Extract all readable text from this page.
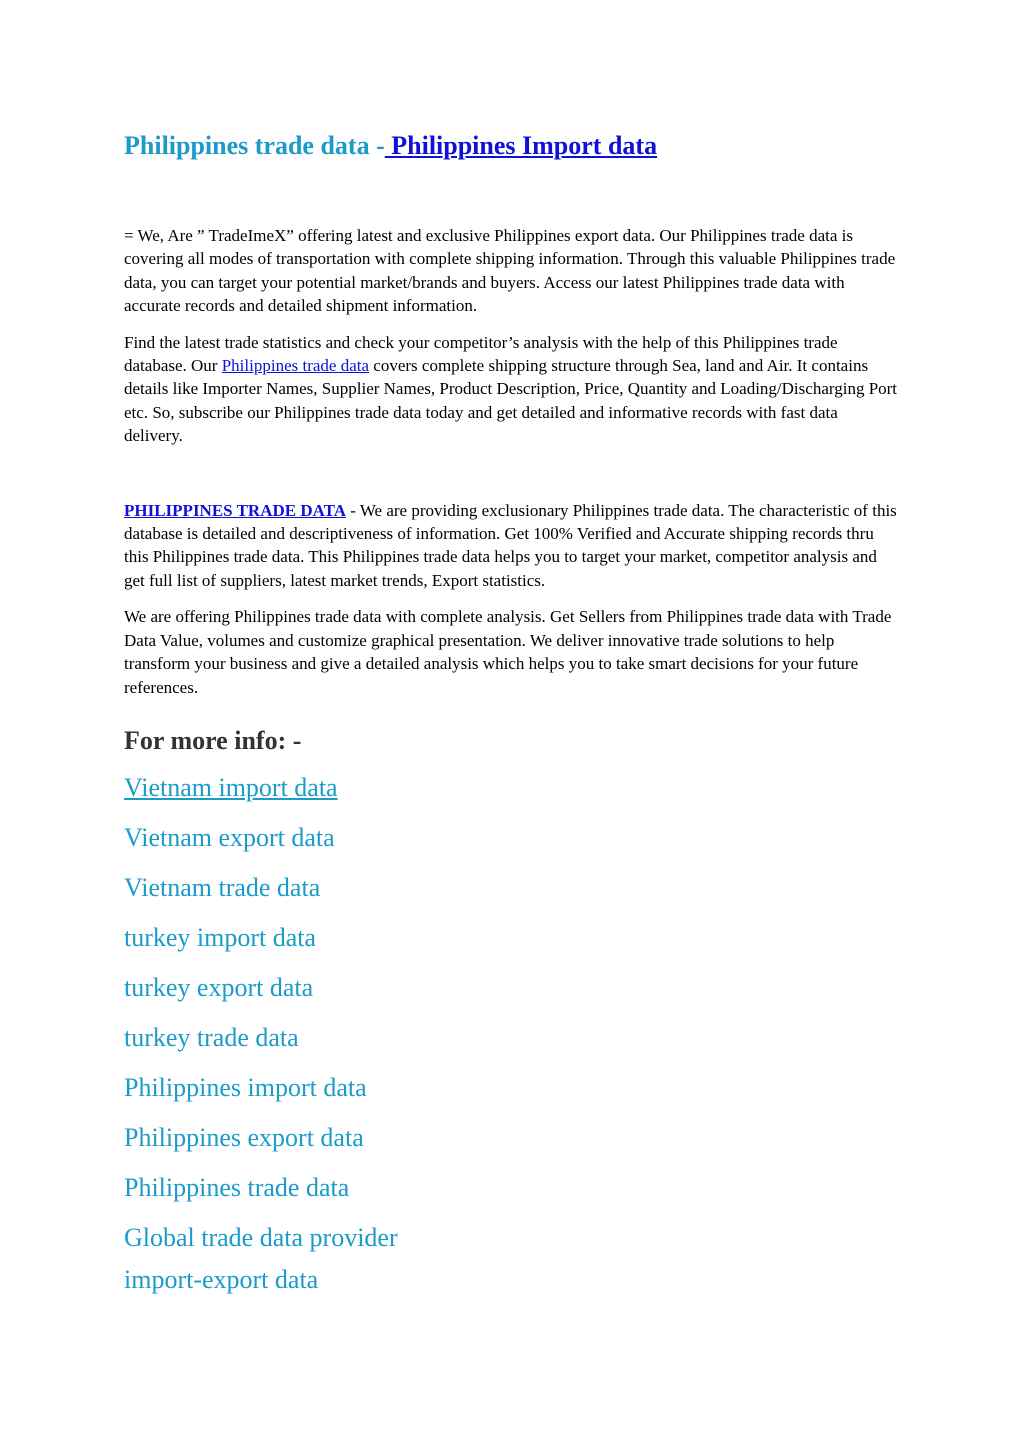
Philippines trade data - Philippines Import data

= We, Are ” TradeImeX” offering latest and exclusive Philippines export data. Our Philippines trade data is covering all modes of transportation with complete shipping information. Through this valuable Philippines trade data, you can target your potential market/brands and buyers. Access our latest Philippines trade data with accurate records and detailed shipment information.

Find the latest trade statistics and check your competitor’s analysis with the help of this Philippines trade database. Our Philippines trade data covers complete shipping structure through Sea, land and Air. It contains details like Importer Names, Supplier Names, Product Description, Price, Quantity and Loading/Discharging Port etc. So, subscribe our Philippines trade data today and get detailed and informative records with fast data delivery.

PHILIPPINES TRADE DATA - We are providing exclusionary Philippines trade data. The characteristic of this database is detailed and descriptiveness of information. Get 100% Verified and Accurate shipping records thru this Philippines trade data. This Philippines trade data helps you to target your market, competitor analysis and get full list of suppliers, latest market trends, Export statistics.

We are offering Philippines trade data with complete analysis. Get Sellers from Philippines trade data with Trade Data Value, volumes and customize graphical presentation. We deliver innovative trade solutions to help transform your business and give a detailed analysis which helps you to take smart decisions for your future references.

For more info: -
Vietnam import data
Vietnam export data
Vietnam trade data
turkey import data
turkey export data
turkey trade data
Philippines import data
Philippines export data
Philippines trade data
Global trade data provider
import-export data
